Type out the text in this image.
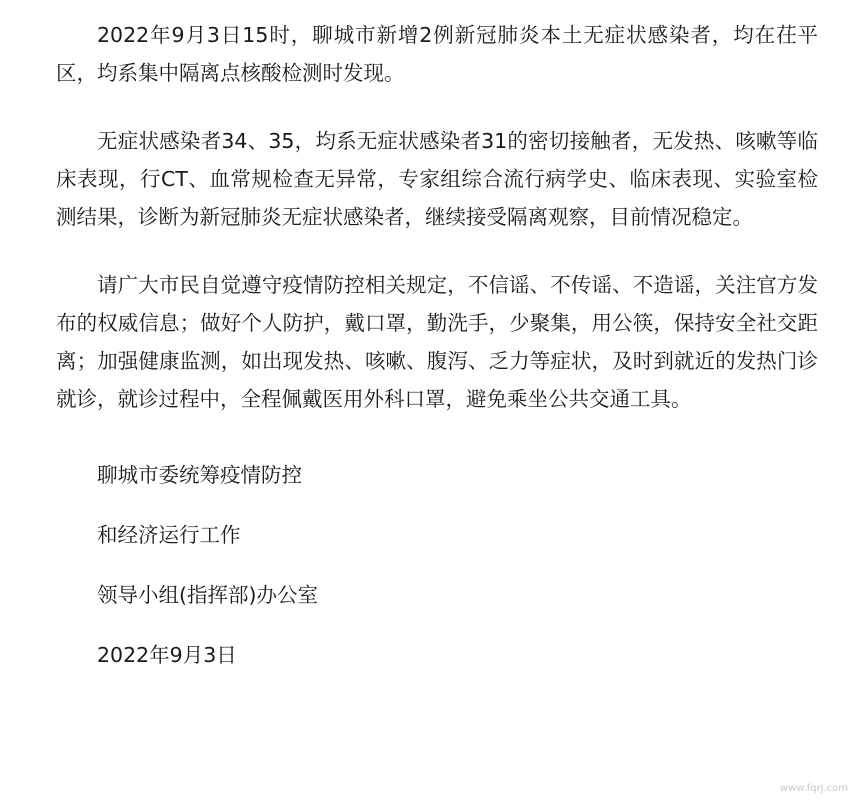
2022年9月3日15时，聊城市新增2例新冠肺炎本土无症状感染者，均在茌平区，均系集中隔离点核酸检测时发现。

无症状感染者34、35，均系无症状感染者31的密切接触者，无发热、咳嗽等临床表现，行CT、血常规检查无异常，专家组综合流行病学史、临床表现、实验室检测结果，诊断为新冠肺炎无症状感染者，继续接受隔离观察，目前情况稳定。

请广大市民自觉遵守疫情防控相关规定，不信谣、不传谣、不造谣，关注官方发布的权威信息；做好个人防护，戴口罩，勤洗手，少聚集，用公筷，保持安全社交距离；加强健康监测，如出现发热、咳嗽、腹泻、乏力等症状，及时到就近的发热门诊就诊，就诊过程中，全程佩戴医用外科口罩，避免乘坐公共交通工具。

聊城市委统筹疫情防控

和经济运行工作

领导小组(指挥部)办公室

2022年9月3日

www.fqrj.com
